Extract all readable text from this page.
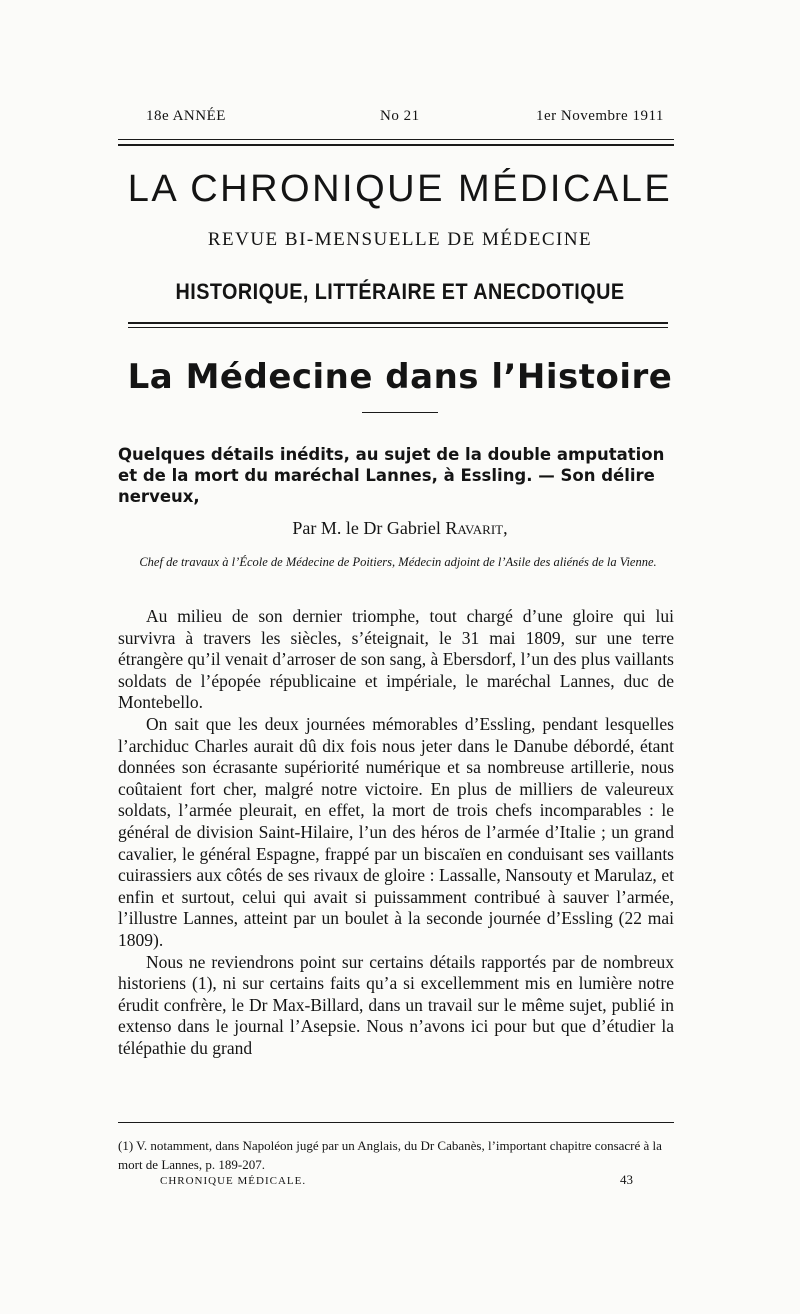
18e ANNÉE	No 21	1er Novembre 1911
LA CHRONIQUE MÉDICALE
REVUE BI-MENSUELLE DE MÉDECINE
HISTORIQUE, LITTÉRAIRE ET ANECDOTIQUE
La Médecine dans l’Histoire
Quelques détails inédits, au sujet de la double amputation et de la mort du maréchal Lannes, à Essling. — Son délire nerveux,
Par M. le Dr Gabriel Ravarit,
Chef de travaux à l’École de Médecine de Poitiers, Médecin adjoint de l’Asile des aliénés de la Vienne.

Au milieu de son dernier triomphe, tout chargé d’une gloire qui lui survivra à travers les siècles, s’éteignait, le 31 mai 1809, sur une terre étrangère qu’il venait d’arroser de son sang, à Ebersdorf, l’un des plus vaillants soldats de l’épopée républicaine et impériale, le maréchal Lannes, duc de Montebello.

On sait que les deux journées mémorables d’Essling, pendant lesquelles l’archiduc Charles aurait dû dix fois nous jeter dans le Danube débordé, étant données son écrasante supériorité numérique et sa nombreuse artillerie, nous coûtaient fort cher, malgré notre victoire. En plus de milliers de valeureux soldats, l’armée pleurait, en effet, la mort de trois chefs incomparables : le général de division Saint-Hilaire, l’un des héros de l’armée d’Italie ; un grand cavalier, le général Espagne, frappé par un biscaïen en conduisant ses vaillants cuirassiers aux côtés de ses rivaux de gloire : Lassalle, Nansouty et Marulaz, et enfin et surtout, celui qui avait si puissamment contribué à sauver l’armée, l’illustre Lannes, atteint par un boulet à la seconde journée d’Essling (22 mai 1809).

Nous ne reviendrons point sur certains détails rapportés par de nombreux historiens (1), ni sur certains faits qu’a si excellemment mis en lumière notre érudit confrère, le Dr Max-Billard, dans un travail sur le même sujet, publié in extenso dans le journal l’Asepsie. Nous n’avons ici pour but que d’étudier la télépathie du grand

(1) V. notamment, dans Napoléon jugé par un Anglais, du Dr Cabanès, l’important chapitre consacré à la mort de Lannes, p. 189-207.
CHRONIQUE MÉDICALE.	43
